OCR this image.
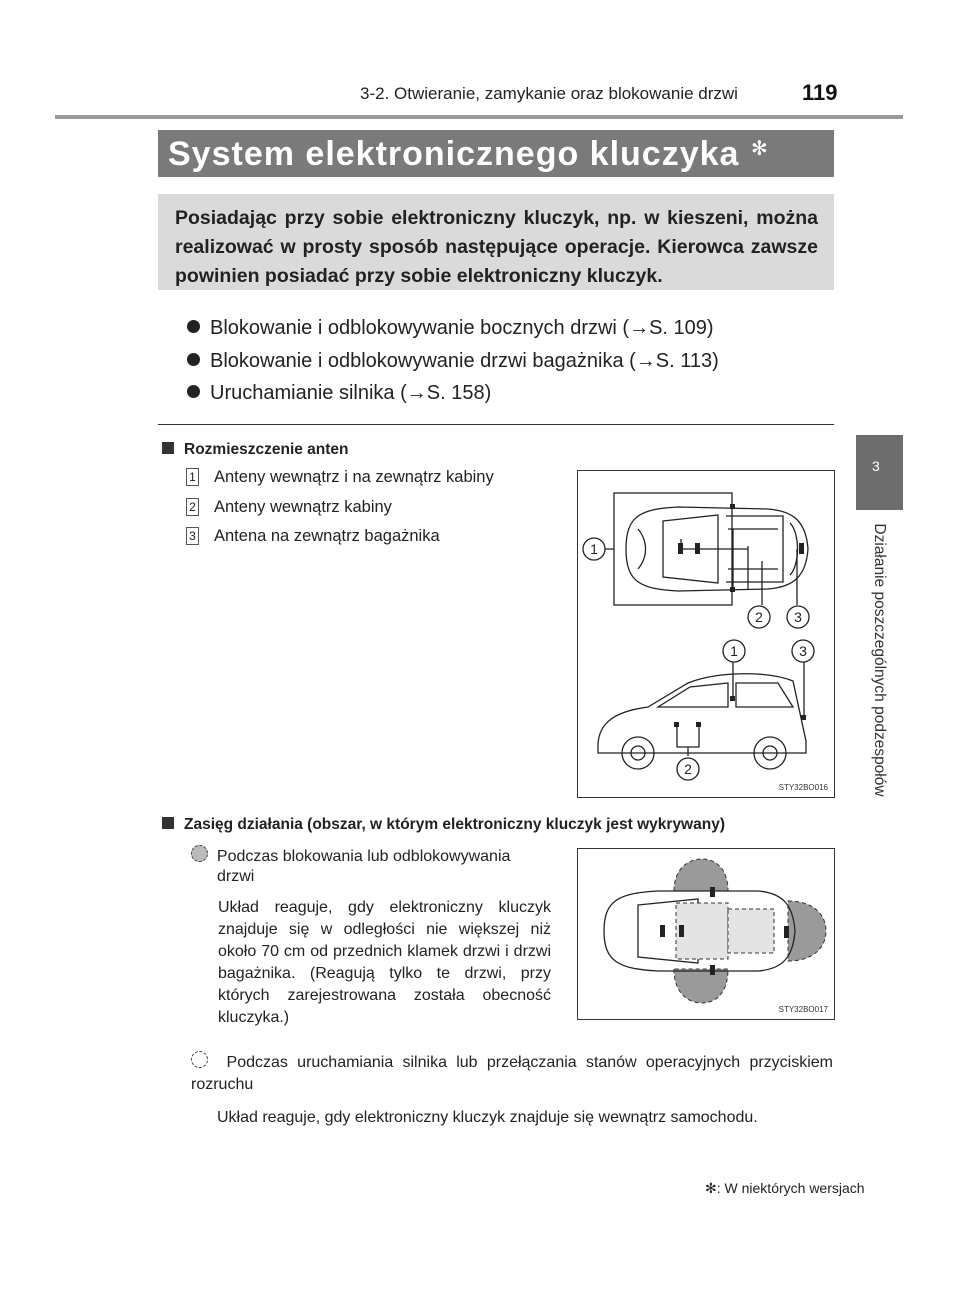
3-2. Otwieranie, zamykanie oraz blokowanie drzwi	119
System elektronicznego kluczyka ✻
Posiadając przy sobie elektroniczny kluczyk, np. w kieszeni, można realizować w prosty sposób następujące operacje. Kierowca zawsze powinien posiadać przy sobie elektroniczny kluczyk.
Blokowanie i odblokowywanie bocznych drzwi (→S. 109)
Blokowanie i odblokowywanie drzwi bagażnika (→S. 113)
Uruchamianie silnika (→S. 158)
3
Działanie poszczególnych podzespołów
Rozmieszczenie anten
1 Anteny wewnątrz i na zewnątrz kabiny
2 Anteny wewnątrz kabiny
3 Antena na zewnątrz bagażnika
1
2 3
1	3
2
STY32BO016
Zasięg działania (obszar, w którym elektroniczny kluczyk jest wykrywany)
Podczas blokowania lub odblokowywania
drzwi
Układ reaguje, gdy elektroniczny kluczyk znajduje się w odległości nie większej niż około 70 cm od przednich klamek drzwi i drzwi bagażnika. (Reagują tylko te drzwi, przy których zarejestrowana została obecność kluczyka.)	STY32BO017
Podczas uruchamiania silnika lub przełączania stanów operacyjnych przyciskiem rozruchu
Układ reaguje, gdy elektroniczny kluczyk znajduje się wewnątrz samochodu.
✻: W niektórych wersjach
